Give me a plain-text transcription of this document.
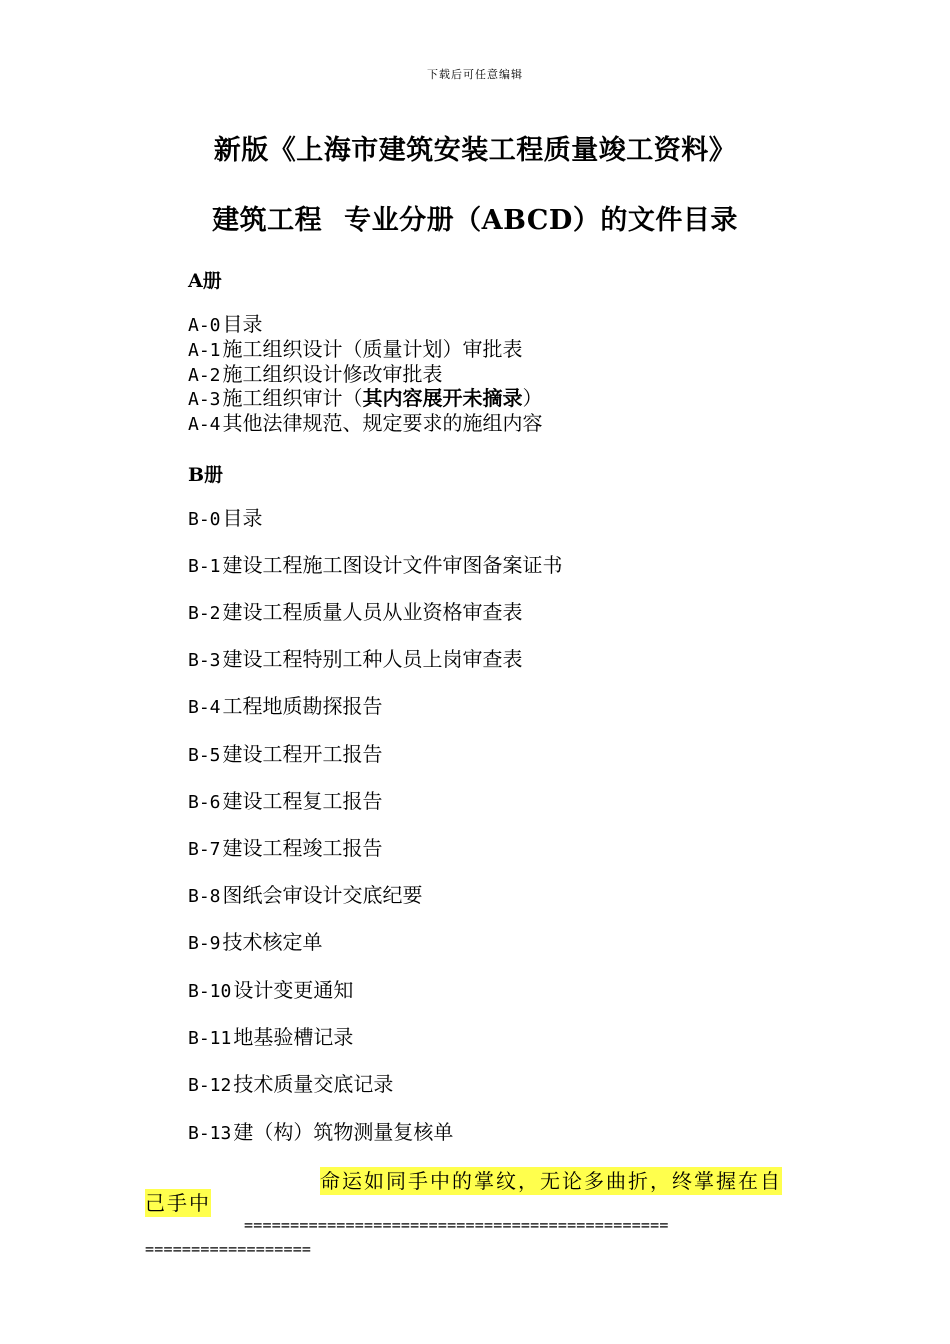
下载后可任意编辑
新版《上海市建筑安装工程质量竣工资料》
建筑工程 专业分册（ABCD）的文件目录
A册
A-0 目录
A-1 施工组织设计（质量计划）审批表
A-2 施工组织设计修改审批表
A-3 施工组织审计（其内容展开未摘录）
A-4 其他法律规范、规定要求的施组内容
B册
B-0 目录
B-1 建设工程施工图设计文件审图备案证书
B-2 建设工程质量人员从业资格审查表
B-3 建设工程特别工种人员上岗审查表
B-4 工程地质勘探报告
B-5 建设工程开工报告
B-6 建设工程复工报告
B-7 建设工程竣工报告
B-8 图纸会审设计交底纪要
B-9 技术核定单
B-10 设计变更通知
B-11 地基验槽记录
B-12 技术质量交底记录
B-13 建（构）筑物测量复核单
命运如同手中的掌纹，无论多曲折，终掌握在自
己手中
==============================================
==================
